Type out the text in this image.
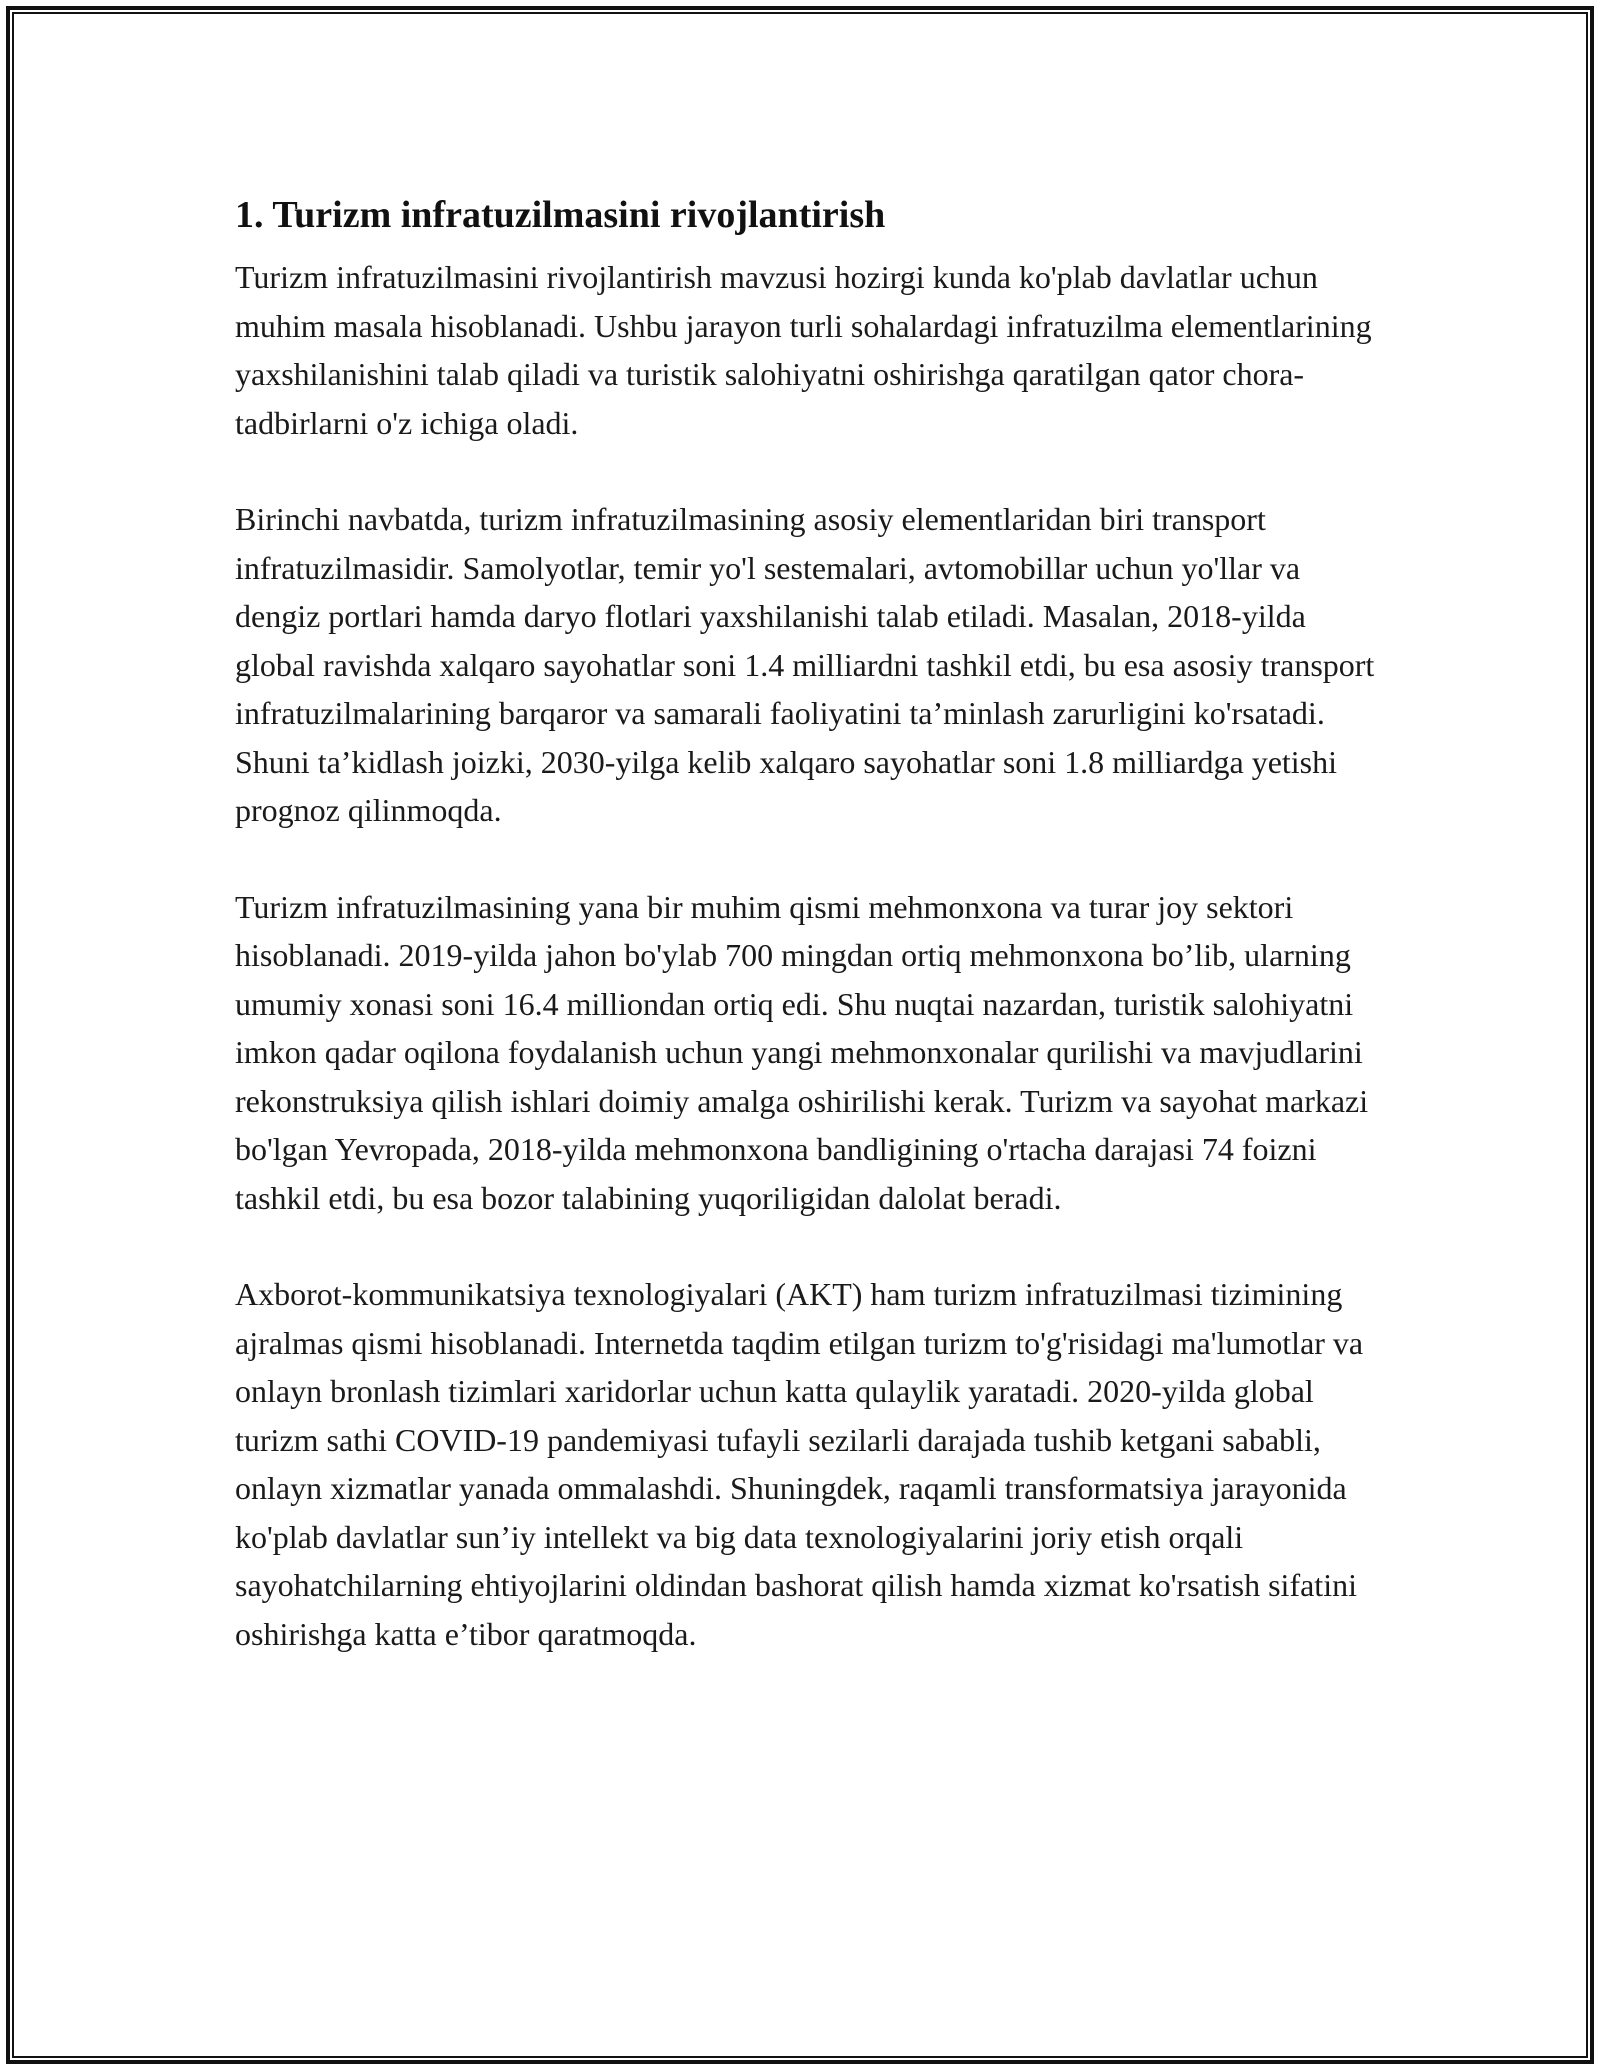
1. Turizm infratuzilmasini rivojlantirish

Turizm infratuzilmasini rivojlantirish mavzusi hozirgi kunda ko'plab davlatlar uchun muhim masala hisoblanadi. Ushbu jarayon turli sohalardagi infratuzilma elementlarining yaxshilanishini talab qiladi va turistik salohiyatni oshirishga qaratilgan qator chora-tadbirlarni o'z ichiga oladi.

Birinchi navbatda, turizm infratuzilmasining asosiy elementlaridan biri transport infratuzilmasidir. Samolyotlar, temir yo'l sestemalari, avtomobillar uchun yo'llar va dengiz portlari hamda daryo flotlari yaxshilanishi talab etiladi. Masalan, 2018-yilda global ravishda xalqaro sayohatlar soni 1.4 milliardni tashkil etdi, bu esa asosiy transport infratuzilmalarining barqaror va samarali faoliyatini ta’minlash zarurligini ko'rsatadi. Shuni ta’kidlash joizki, 2030-yilga kelib xalqaro sayohatlar soni 1.8 milliardga yetishi prognoz qilinmoqda.

Turizm infratuzilmasining yana bir muhim qismi mehmonxona va turar joy sektori hisoblanadi. 2019-yilda jahon bo'ylab 700 mingdan ortiq mehmonxona bo’lib, ularning umumiy xonasi soni 16.4 milliondan ortiq edi. Shu nuqtai nazardan, turistik salohiyatni imkon qadar oqilona foydalanish uchun yangi mehmonxonalar qurilishi va mavjudlarini rekonstruksiya qilish ishlari doimiy amalga oshirilishi kerak. Turizm va sayohat markazi bo'lgan Yevropada, 2018-yilda mehmonxona bandligining o'rtacha darajasi 74 foizni tashkil etdi, bu esa bozor talabining yuqoriligidan dalolat beradi.

Axborot-kommunikatsiya texnologiyalari (AKT) ham turizm infratuzilmasi tizimining ajralmas qismi hisoblanadi. Internetda taqdim etilgan turizm to'g'risidagi ma'lumotlar va onlayn bronlash tizimlari xaridorlar uchun katta qulaylik yaratadi. 2020-yilda global turizm sathi COVID-19 pandemiyasi tufayli sezilarli darajada tushib ketgani sababli, onlayn xizmatlar yanada ommalashdi. Shuningdek, raqamli transformatsiya jarayonida ko'plab davlatlar sun’iy intellekt va big data texnologiyalarini joriy etish orqali sayohatchilarning ehtiyojlarini oldindan bashorat qilish hamda xizmat ko'rsatish sifatini oshirishga katta e’tibor qaratmoqda.
